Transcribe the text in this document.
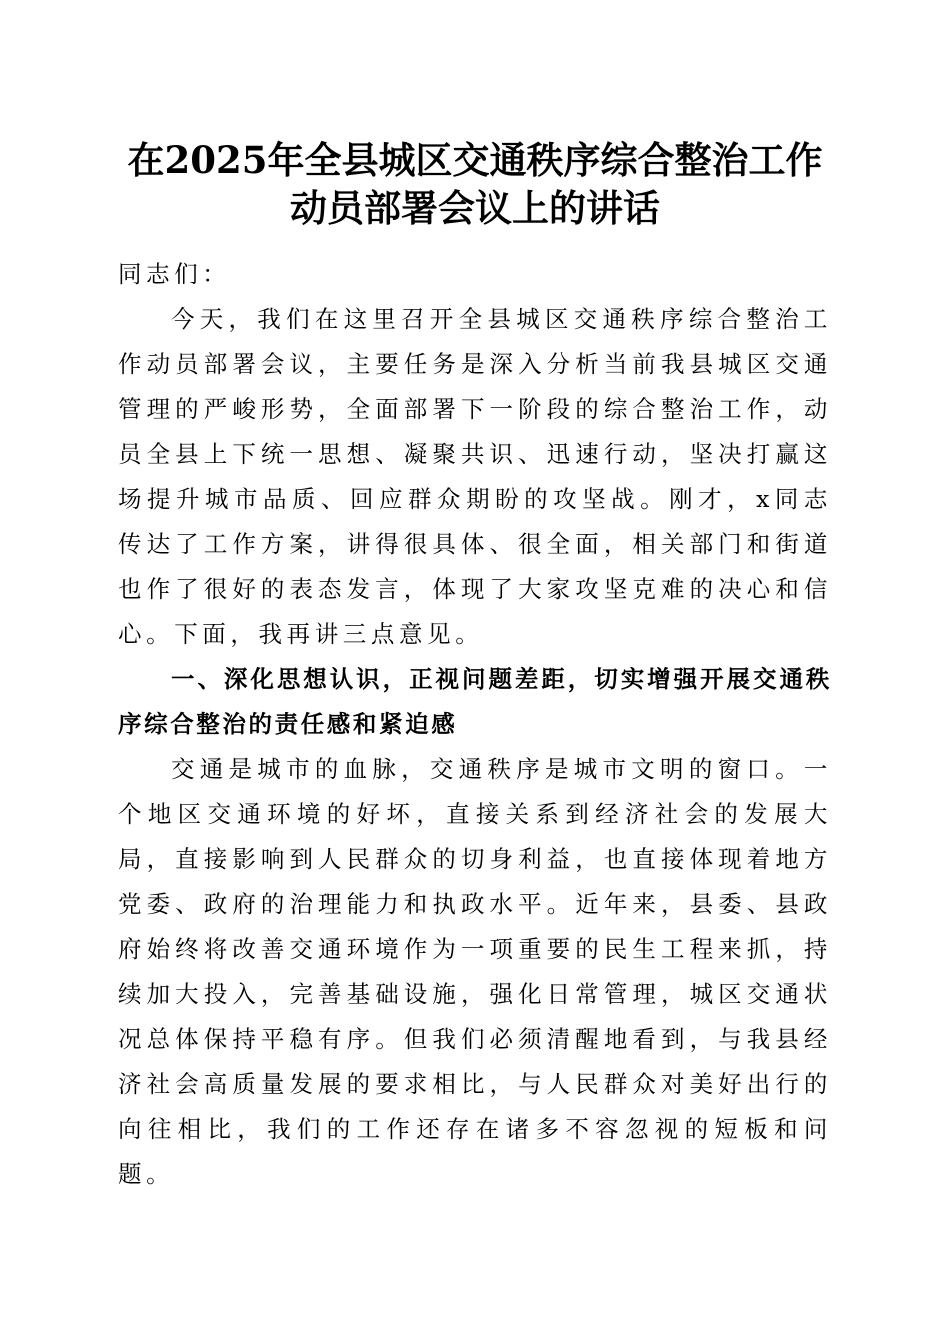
在2025年全县城区交通秩序综合整治工作动员部署会议上的讲话

同志们：

今天，我们在这里召开全县城区交通秩序综合整治工作动员部署会议，主要任务是深入分析当前我县城区交通管理的严峻形势，全面部署下一阶段的综合整治工作，动员全县上下统一思想、凝聚共识、迅速行动，坚决打赢这场提升城市品质、回应群众期盼的攻坚战。刚才，x同志传达了工作方案，讲得很具体、很全面，相关部门和街道也作了很好的表态发言，体现了大家攻坚克难的决心和信心。下面，我再讲三点意见。

一、深化思想认识，正视问题差距，切实增强开展交通秩序综合整治的责任感和紧迫感

交通是城市的血脉，交通秩序是城市文明的窗口。一个地区交通环境的好坏，直接关系到经济社会的发展大局，直接影响到人民群众的切身利益，也直接体现着地方党委、政府的治理能力和执政水平。近年来，县委、县政府始终将改善交通环境作为一项重要的民生工程来抓，持续加大投入，完善基础设施，强化日常管理，城区交通状况总体保持平稳有序。但我们必须清醒地看到，与我县经济社会高质量发展的要求相比，与人民群众对美好出行的向往相比，我们的工作还存在诸多不容忽视的短板和问题。
